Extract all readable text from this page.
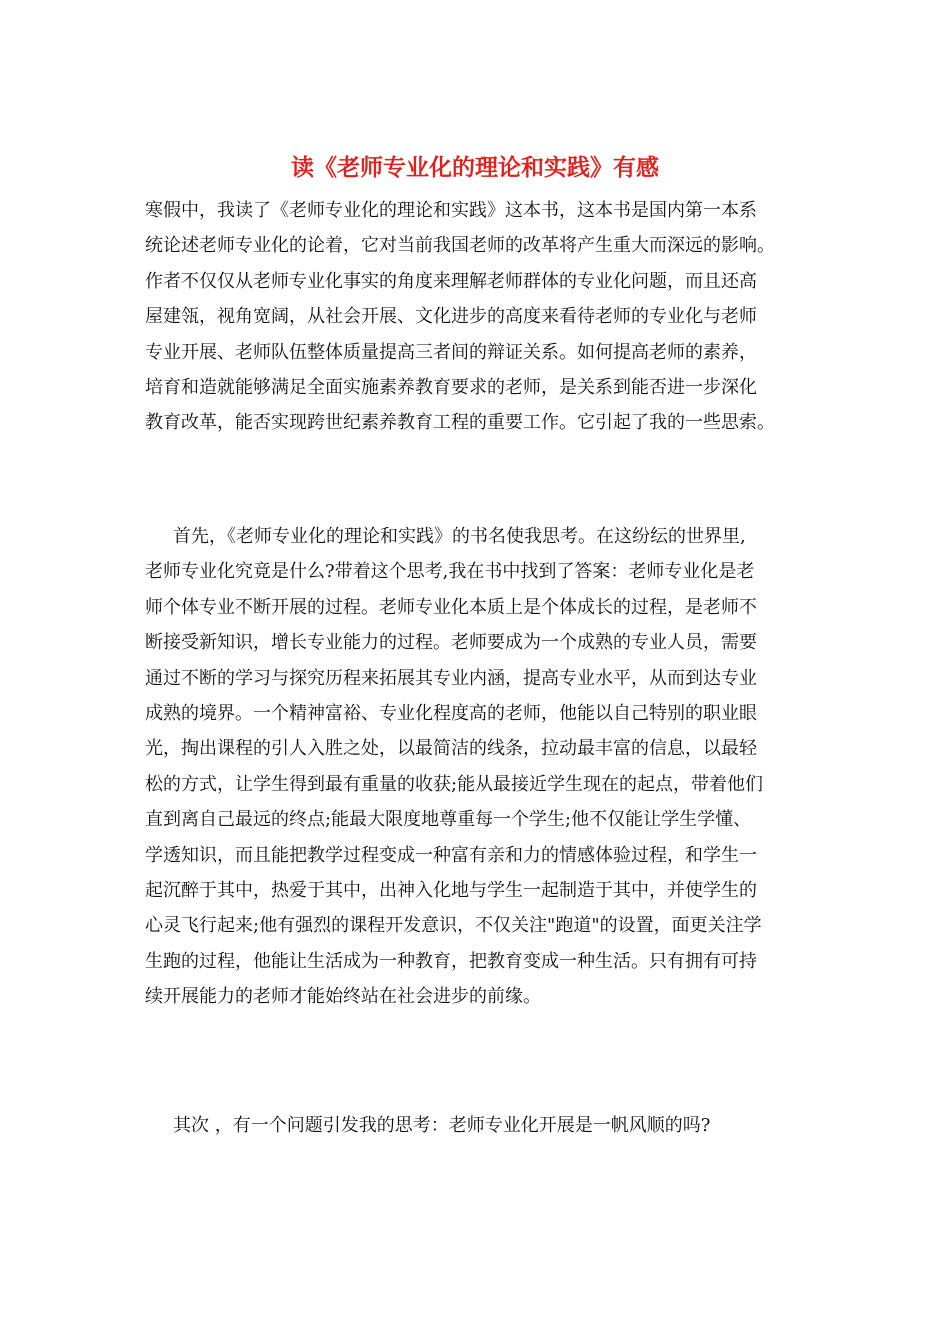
读《老师专业化的理论和实践》有感
寒假中，我读了《老师专业化的理论和实践》这本书，这本书是国内第一本系
统论述老师专业化的论着，它对当前我国老师的改革将产生重大而深远的影响。
作者不仅仅从老师专业化事实的角度来理解老师群体的专业化问题，而且还高
屋建瓴，视角宽阔，从社会开展、文化进步的高度来看待老师的专业化与老师
专业开展、老师队伍整体质量提高三者间的辩证关系。如何提高老师的素养，
培育和造就能够满足全面实施素养教育要求的老师，是关系到能否进一步深化
教育改革，能否实现跨世纪素养教育工程的重要工作。它引起了我的一些思索。
首先，《老师专业化的理论和实践》的书名使我思考。在这纷纭的世界里,
老师专业化究竟是什么?带着这个思考,我在书中找到了答案：老师专业化是老
师个体专业不断开展的过程。老师专业化本质上是个体成长的过程，是老师不
断接受新知识，增长专业能力的过程。老师要成为一个成熟的专业人员，需要
通过不断的学习与探究历程来拓展其专业内涵，提高专业水平，从而到达专业
成熟的境界。一个精神富裕、专业化程度高的老师，他能以自己特别的职业眼
光，掏出课程的引人入胜之处，以最简洁的线条，拉动最丰富的信息，以最轻
松的方式，让学生得到最有重量的收获;能从最接近学生现在的起点，带着他们
直到离自己最远的终点;能最大限度地尊重每一个学生;他不仅能让学生学懂、
学透知识，而且能把教学过程变成一种富有亲和力的情感体验过程，和学生一
起沉醉于其中，热爱于其中，出神入化地与学生一起制造于其中，并使学生的
心灵飞行起来;他有强烈的课程开发意识，不仅关注"跑道"的设置，面更关注学
生跑的过程，他能让生活成为一种教育，把教育变成一种生活。只有拥有可持
续开展能力的老师才能始终站在社会进步的前缘。
其次 ，有一个问题引发我的思考：老师专业化开展是一帆风顺的吗?
